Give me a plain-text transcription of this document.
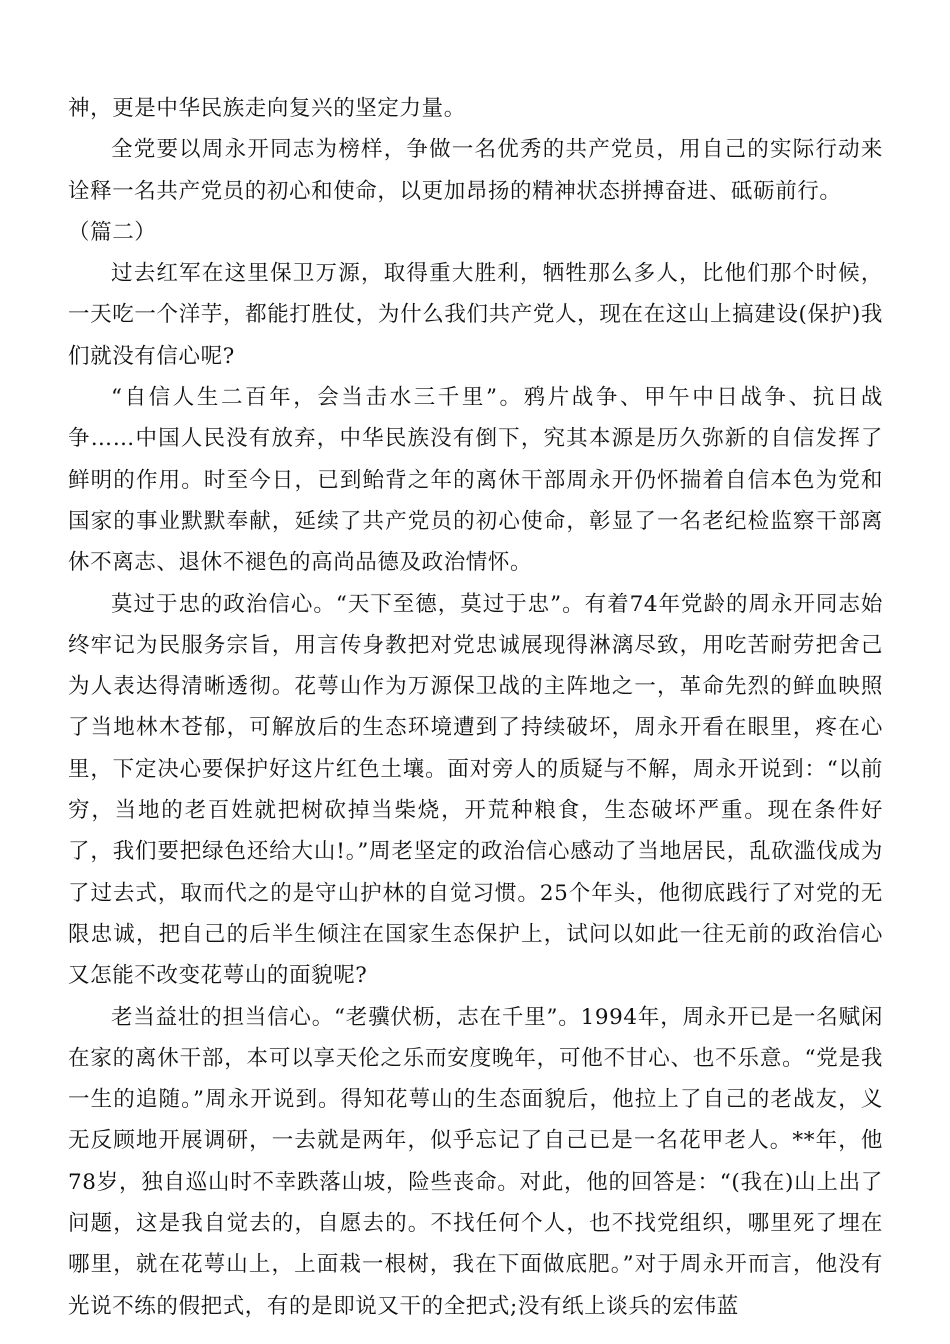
神，更是中华民族走向复兴的坚定力量。

全党要以周永开同志为榜样，争做一名优秀的共产党员，用自己的实际行动来诠释一名共产党员的初心和使命，以更加昂扬的精神状态拼搏奋进、砥砺前行。

（篇二）

过去红军在这里保卫万源，取得重大胜利，牺牲那么多人，比他们那个时候，一天吃一个洋芋，都能打胜仗，为什么我们共产党人，现在在这山上搞建设(保护)我们就没有信心呢?

“自信人生二百年，会当击水三千里”。鸦片战争、甲午中日战争、抗日战争……中国人民没有放弃，中华民族没有倒下，究其本源是历久弥新的自信发挥了鲜明的作用。时至今日，已到鲐背之年的离休干部周永开仍怀揣着自信本色为党和国家的事业默默奉献，延续了共产党员的初心使命，彰显了一名老纪检监察干部离休不离志、退休不褪色的高尚品德及政治情怀。

莫过于忠的政治信心。“天下至德，莫过于忠”。有着74年党龄的周永开同志始终牢记为民服务宗旨，用言传身教把对党忠诚展现得淋漓尽致，用吃苦耐劳把舍己为人表达得清晰透彻。花萼山作为万源保卫战的主阵地之一，革命先烈的鲜血映照了当地林木苍郁，可解放后的生态环境遭到了持续破坏，周永开看在眼里，疼在心里，下定决心要保护好这片红色土壤。面对旁人的质疑与不解，周永开说到：“以前穷，当地的老百姓就把树砍掉当柴烧，开荒种粮食，生态破坏严重。现在条件好了，我们要把绿色还给大山!。”周老坚定的政治信心感动了当地居民，乱砍滥伐成为了过去式，取而代之的是守山护林的自觉习惯。25个年头，他彻底践行了对党的无限忠诚，把自己的后半生倾注在国家生态保护上，试问以如此一往无前的政治信心又怎能不改变花萼山的面貌呢?

老当益壮的担当信心。“老骥伏枥，志在千里”。1994年，周永开已是一名赋闲在家的离休干部，本可以享天伦之乐而安度晚年，可他不甘心、也不乐意。“党是我一生的追随。”周永开说到。得知花萼山的生态面貌后，他拉上了自己的老战友，义无反顾地开展调研，一去就是两年，似乎忘记了自己已是一名花甲老人。**年，他78岁，独自巡山时不幸跌落山坡，险些丧命。对此，他的回答是：“(我在)山上出了问题，这是我自觉去的，自愿去的。不找任何个人，也不找党组织，哪里死了埋在哪里，就在花萼山上，上面栽一根树，我在下面做底肥。”对于周永开而言，他没有光说不练的假把式，有的是即说又干的全把式;没有纸上谈兵的宏伟蓝
